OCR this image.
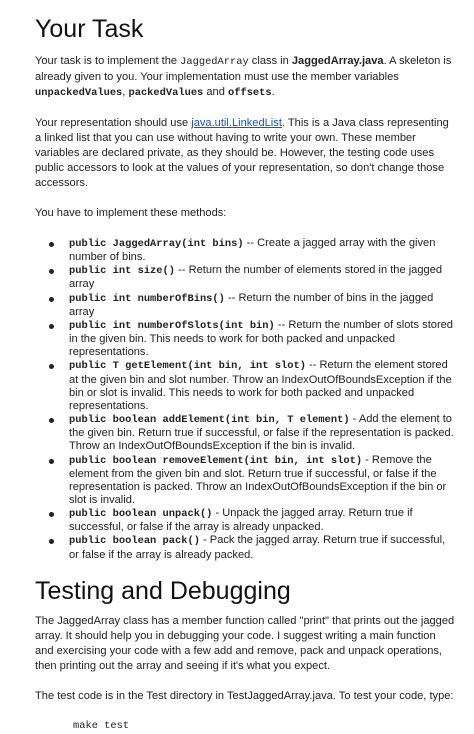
Your Task

Your task is to implement the JaggedArray class in JaggedArray.java. A skeleton is already given to you. Your implementation must use the member variables unpackedValues, packedValues and offsets.

Your representation should use java.util.LinkedList. This is a Java class representing a linked list that you can use without having to write your own. These member variables are declared private, as they should be. However, the testing code uses public accessors to look at the values of your representation, so don't change those accessors.

You have to implement these methods:

public JaggedArray(int bins) -- Create a jagged array with the given number of bins.
public int size() -- Return the number of elements stored in the jagged array
public int numberOfBins() -- Return the number of bins in the jagged array
public int numberOfSlots(int bin) -- Return the number of slots stored in the given bin. This needs to work for both packed and unpacked representations.
public T getElement(int bin, int slot) -- Return the element stored at the given bin and slot number. Throw an IndexOutOfBoundsException if the bin or slot is invalid. This needs to work for both packed and unpacked representations.
public boolean addElement(int bin, T element) - Add the element to the given bin. Return true if successful, or false if the representation is packed. Throw an IndexOutOfBoundsException if the bin is invalid.
public boolean removeElement(int bin, int slot) - Remove the element from the given bin and slot. Return true if successful, or false if the representation is packed. Throw an IndexOutOfBoundsException if the bin or slot is invalid.
public boolean unpack() - Unpack the jagged array. Return true if successful, or false if the array is already unpacked.
public boolean pack() - Pack the jagged array. Return true if successful, or false if the array is already packed.
Testing and Debugging

The JaggedArray class has a member function called "print" that prints out the jagged array. It should help you in debugging your code. I suggest writing a main function and exercising your code with a few add and remove, pack and unpack operations, then printing out the array and seeing if it's what you expect.

The test code is in the Test directory in TestJaggedArray.java. To test your code, type:

make test
